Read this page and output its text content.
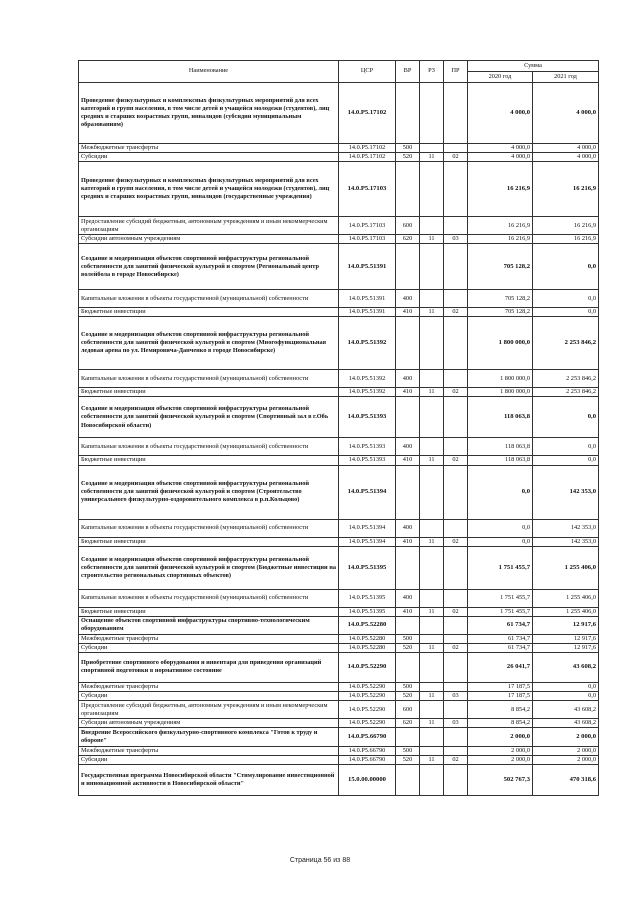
Наименование	ЦСР	ВР	РЗ	ПР	Сумма	
					2020 год	2021 год
Проведение физкультурных и комплексных физкультурных мероприятий для всех категорий и групп населения, в том числе детей и учащейся молодежи (студентов), лиц средних и старших возрастных групп, инвалидов (субсидии муниципальным образованиям)	14.0.P5.17102				4 000,0	4 000,0
Межбюджетные трансферты	14.0.P5.17102	500			4 000,0	4 000,0
Субсидии	14.0.P5.17102	520	11	02	4 000,0	4 000,0
Проведение физкультурных и комплексных физкультурных мероприятий для всех категорий и групп населения, в том числе детей и учащейся молодежи (студентов), лиц средних и старших возрастных групп, инвалидов (государственные учреждения)	14.0.P5.17103				16 216,9	16 216,9
Предоставление субсидий бюджетным, автономным учреждениям и иным некоммерческим организациям	14.0.P5.17103	600			16 216,9	16 216,9
Субсидии автономным учреждениям	14.0.P5.17103	620	11	03	16 216,9	16 216,9
Создание и модернизация объектов спортивной инфраструктуры региональной собственности для занятий физической культурой и спортом (Региональный центр волейбола в городе Новосибирске)	14.0.P5.51391				705 128,2	0,0
Капитальные вложения в объекты государственной (муниципальной) собственности	14.0.P5.51391	400			705 128,2	0,0
Бюджетные инвестиции	14.0.P5.51391	410	11	02	705 128,2	0,0
Создание и модернизация объектов спортивной инфраструктуры региональной собственности для занятий физической культурой и спортом (Многофункциональная ледовая арена по ул. Немировича-Данченко в городе Новосибирске)	14.0.P5.51392				1 800 000,0	2 253 846,2
Капитальные вложения в объекты государственной (муниципальной) собственности	14.0.P5.51392	400			1 800 000,0	2 253 846,2
Бюджетные инвестиции	14.0.P5.51392	410	11	02	1 800 000,0	2 253 846,2
Создание и модернизация объектов спортивной инфраструктуры региональной собственности для занятий физической культурой и спортом (Спортивный зал в г.Обь Новосибирской области)	14.0.P5.51393				118 063,8	0,0
Капитальные вложения в объекты государственной (муниципальной) собственности	14.0.P5.51393	400			118 063,8	0,0
Бюджетные инвестиции	14.0.P5.51393	410	11	02	118 063,8	0,0
Создание и модернизация объектов спортивной инфраструктуры региональной собственности для занятий физической культурой и спортом (Строительство универсального физкультурно-оздоровительного комплекса в р.п.Кольцово)	14.0.P5.51394				0,0	142 353,0
Капитальные вложения в объекты государственной (муниципальной) собственности	14.0.P5.51394	400			0,0	142 353,0
Бюджетные инвестиции	14.0.P5.51394	410	11	02	0,0	142 353,0
Создание и модернизация объектов спортивной инфраструктуры региональной собственности для занятий физической культурой и спортом (Бюджетные инвестиции на строительство региональных спортивных объектов)	14.0.P5.51395				1 751 455,7	1 255 406,0
Капитальные вложения в объекты государственной (муниципальной) собственности	14.0.P5.51395	400			1 751 455,7	1 255 406,0
Бюджетные инвестиции	14.0.P5.51395	410	11	02	1 751 455,7	1 255 406,0
Оснащение объектов спортивной инфраструктуры спортивно-технологическим оборудованием	14.0.P5.52280				61 734,7	12 917,6
Межбюджетные трансферты	14.0.P5.52280	500			61 734,7	12 917,6
Субсидии	14.0.P5.52280	520	11	02	61 734,7	12 917,6
Приобретение спортивного оборудования и инвентаря для приведения организаций спортивной подготовки в нормативное состояние	14.0.P5.52290				26 041,7	43 608,2
Межбюджетные трансферты	14.0.P5.52290	500			17 187,5	0,0
Субсидии	14.0.P5.52290	520	11	03	17 187,5	0,0
Предоставление субсидий бюджетным, автономным учреждениям и иным некоммерческим организациям	14.0.P5.52290	600			8 854,2	43 608,2
Субсидии автономным учреждениям	14.0.P5.52290	620	11	03	8 854,2	43 608,2
Внедрение Всероссийского физкультурно-спортивного комплекса "Готов к труду и обороне"	14.0.P5.66790				2 000,0	2 000,0
Межбюджетные трансферты	14.0.P5.66790	500			2 000,0	2 000,0
Субсидии	14.0.P5.66790	520	11	02	2 000,0	2 000,0
Государственная программа Новосибирской области "Стимулирование инвестиционной и инновационной активности в Новосибирской области"	15.0.00.00000				502 767,3	470 318,6
Страница 56 из 88
